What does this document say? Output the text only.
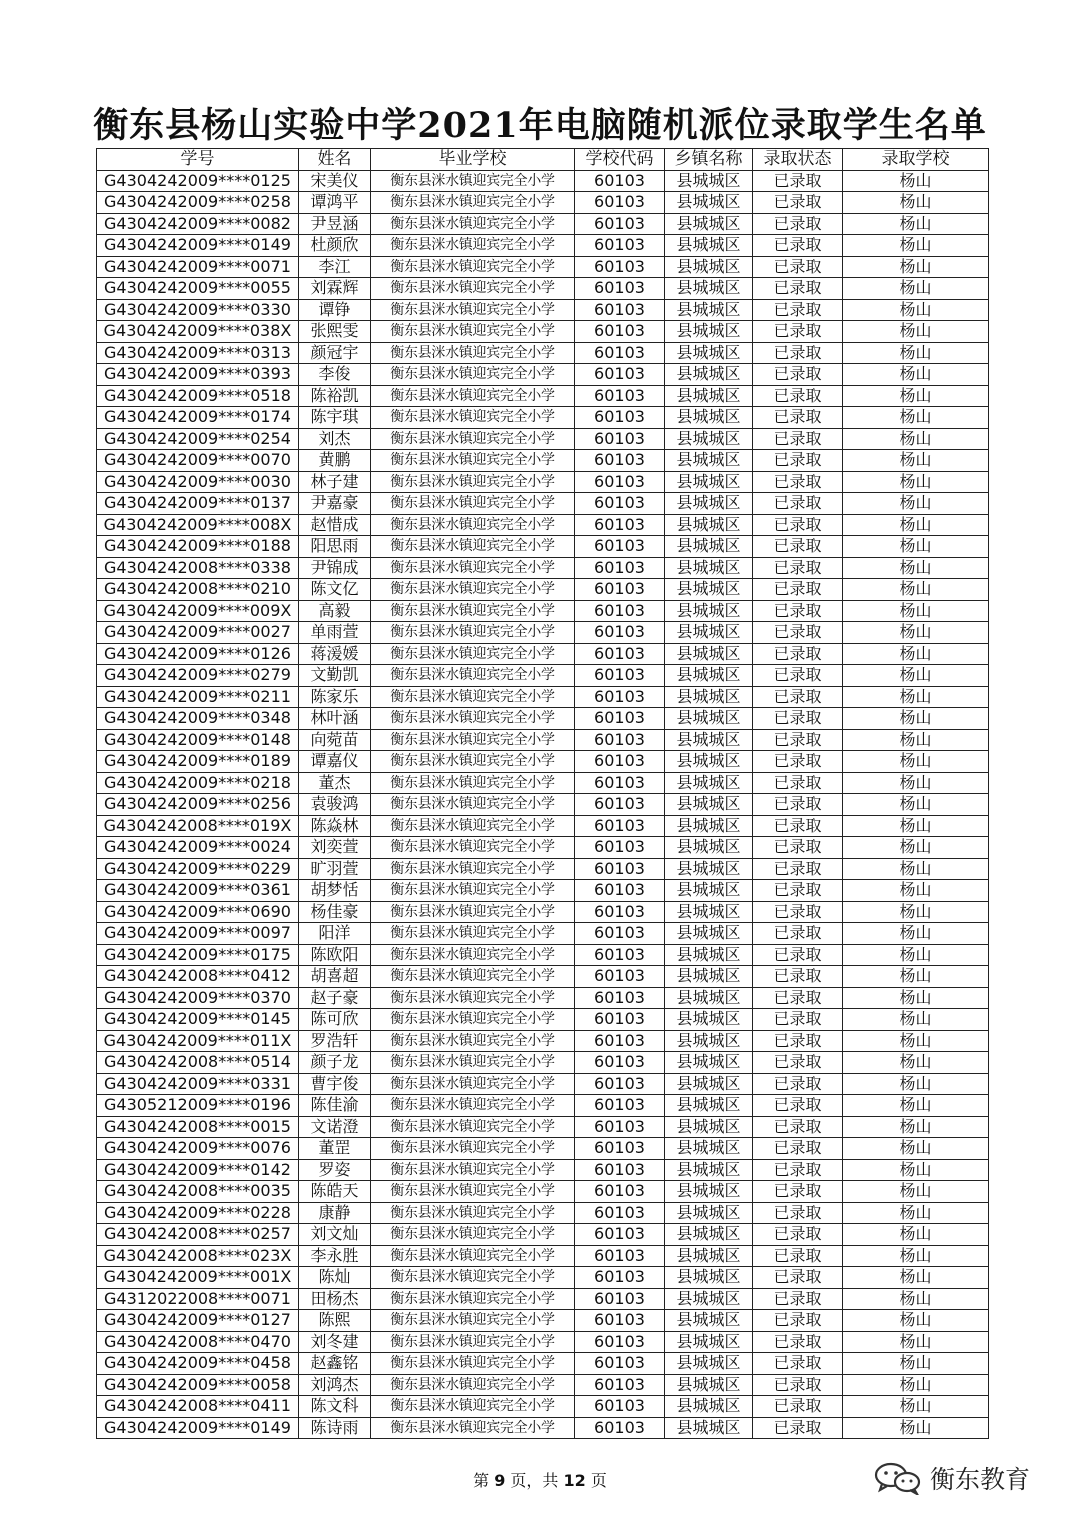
衡东县杨山实验中学2021年电脑随机派位录取学生名单
学号	姓名	毕业学校	学校代码	乡镇名称	录取状态	录取学校
G4304242009****0125	宋美仪	衡东县洣水镇迎宾完全小学	60103	县城城区	已录取	杨山
G4304242009****0258	谭鸿平	衡东县洣水镇迎宾完全小学	60103	县城城区	已录取	杨山
G4304242009****0082	尹昱涵	衡东县洣水镇迎宾完全小学	60103	县城城区	已录取	杨山
G4304242009****0149	杜颜欣	衡东县洣水镇迎宾完全小学	60103	县城城区	已录取	杨山
G4304242009****0071	李江	衡东县洣水镇迎宾完全小学	60103	县城城区	已录取	杨山
G4304242009****0055	刘霖辉	衡东县洣水镇迎宾完全小学	60103	县城城区	已录取	杨山
G4304242009****0330	谭铮	衡东县洣水镇迎宾完全小学	60103	县城城区	已录取	杨山
G4304242009****038X	张熙雯	衡东县洣水镇迎宾完全小学	60103	县城城区	已录取	杨山
G4304242009****0313	颜冠宇	衡东县洣水镇迎宾完全小学	60103	县城城区	已录取	杨山
G4304242009****0393	李俊	衡东县洣水镇迎宾完全小学	60103	县城城区	已录取	杨山
G4304242009****0518	陈裕凯	衡东县洣水镇迎宾完全小学	60103	县城城区	已录取	杨山
G4304242009****0174	陈宇琪	衡东县洣水镇迎宾完全小学	60103	县城城区	已录取	杨山
G4304242009****0254	刘杰	衡东县洣水镇迎宾完全小学	60103	县城城区	已录取	杨山
G4304242009****0070	黄鹏	衡东县洣水镇迎宾完全小学	60103	县城城区	已录取	杨山
G4304242009****0030	林子建	衡东县洣水镇迎宾完全小学	60103	县城城区	已录取	杨山
G4304242009****0137	尹嘉豪	衡东县洣水镇迎宾完全小学	60103	县城城区	已录取	杨山
G4304242009****008X	赵惜成	衡东县洣水镇迎宾完全小学	60103	县城城区	已录取	杨山
G4304242009****0188	阳思雨	衡东县洣水镇迎宾完全小学	60103	县城城区	已录取	杨山
G4304242008****0338	尹锦成	衡东县洣水镇迎宾完全小学	60103	县城城区	已录取	杨山
G4304242008****0210	陈文亿	衡东县洣水镇迎宾完全小学	60103	县城城区	已录取	杨山
G4304242009****009X	高毅	衡东县洣水镇迎宾完全小学	60103	县城城区	已录取	杨山
G4304242009****0027	单雨萱	衡东县洣水镇迎宾完全小学	60103	县城城区	已录取	杨山
G4304242009****0126	蒋湲媛	衡东县洣水镇迎宾完全小学	60103	县城城区	已录取	杨山
G4304242009****0279	文勤凯	衡东县洣水镇迎宾完全小学	60103	县城城区	已录取	杨山
G4304242009****0211	陈家乐	衡东县洣水镇迎宾完全小学	60103	县城城区	已录取	杨山
G4304242009****0348	林叶涵	衡东县洣水镇迎宾完全小学	60103	县城城区	已录取	杨山
G4304242009****0148	向菀苗	衡东县洣水镇迎宾完全小学	60103	县城城区	已录取	杨山
G4304242009****0189	谭嘉仪	衡东县洣水镇迎宾完全小学	60103	县城城区	已录取	杨山
G4304242009****0218	董杰	衡东县洣水镇迎宾完全小学	60103	县城城区	已录取	杨山
G4304242009****0256	袁骏鸿	衡东县洣水镇迎宾完全小学	60103	县城城区	已录取	杨山
G4304242008****019X	陈焱林	衡东县洣水镇迎宾完全小学	60103	县城城区	已录取	杨山
G4304242009****0024	刘奕萱	衡东县洣水镇迎宾完全小学	60103	县城城区	已录取	杨山
G4304242009****0229	旷羽萱	衡东县洣水镇迎宾完全小学	60103	县城城区	已录取	杨山
G4304242009****0361	胡梦恬	衡东县洣水镇迎宾完全小学	60103	县城城区	已录取	杨山
G4304242009****0690	杨佳豪	衡东县洣水镇迎宾完全小学	60103	县城城区	已录取	杨山
G4304242009****0097	阳洋	衡东县洣水镇迎宾完全小学	60103	县城城区	已录取	杨山
G4304242009****0175	陈欧阳	衡东县洣水镇迎宾完全小学	60103	县城城区	已录取	杨山
G4304242008****0412	胡喜超	衡东县洣水镇迎宾完全小学	60103	县城城区	已录取	杨山
G4304242009****0370	赵子豪	衡东县洣水镇迎宾完全小学	60103	县城城区	已录取	杨山
G4304242009****0145	陈可欣	衡东县洣水镇迎宾完全小学	60103	县城城区	已录取	杨山
G4304242009****011X	罗浩轩	衡东县洣水镇迎宾完全小学	60103	县城城区	已录取	杨山
G4304242008****0514	颜子龙	衡东县洣水镇迎宾完全小学	60103	县城城区	已录取	杨山
G4304242009****0331	曹宇俊	衡东县洣水镇迎宾完全小学	60103	县城城区	已录取	杨山
G4305212009****0196	陈佳渝	衡东县洣水镇迎宾完全小学	60103	县城城区	已录取	杨山
G4304242008****0015	文诺澄	衡东县洣水镇迎宾完全小学	60103	县城城区	已录取	杨山
G4304242009****0076	董罡	衡东县洣水镇迎宾完全小学	60103	县城城区	已录取	杨山
G4304242009****0142	罗姿	衡东县洣水镇迎宾完全小学	60103	县城城区	已录取	杨山
G4304242008****0035	陈皓天	衡东县洣水镇迎宾完全小学	60103	县城城区	已录取	杨山
G4304242009****0228	康静	衡东县洣水镇迎宾完全小学	60103	县城城区	已录取	杨山
G4304242008****0257	刘文灿	衡东县洣水镇迎宾完全小学	60103	县城城区	已录取	杨山
G4304242008****023X	李永胜	衡东县洣水镇迎宾完全小学	60103	县城城区	已录取	杨山
G4304242009****001X	陈灿	衡东县洣水镇迎宾完全小学	60103	县城城区	已录取	杨山
G4312022008****0071	田杨杰	衡东县洣水镇迎宾完全小学	60103	县城城区	已录取	杨山
G4304242009****0127	陈熙	衡东县洣水镇迎宾完全小学	60103	县城城区	已录取	杨山
G4304242008****0470	刘冬建	衡东县洣水镇迎宾完全小学	60103	县城城区	已录取	杨山
G4304242009****0458	赵鑫铭	衡东县洣水镇迎宾完全小学	60103	县城城区	已录取	杨山
G4304242009****0058	刘鸿杰	衡东县洣水镇迎宾完全小学	60103	县城城区	已录取	杨山
G4304242008****0411	陈文科	衡东县洣水镇迎宾完全小学	60103	县城城区	已录取	杨山
G4304242009****0149	陈诗雨	衡东县洣水镇迎宾完全小学	60103	县城城区	已录取	杨山
第 9 页，共 12 页	衡东教育
